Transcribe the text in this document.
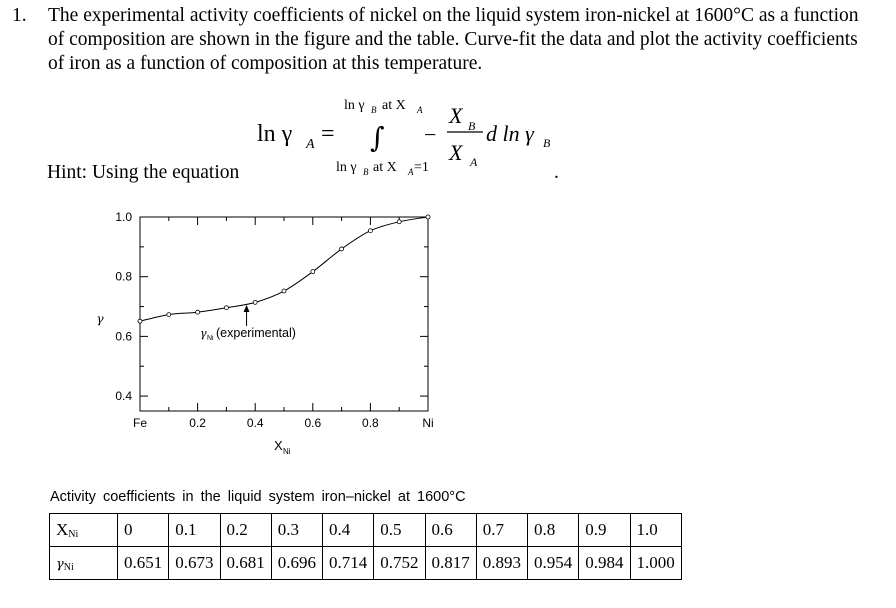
1. The experimental activity coefficients of nickel on the liquid system iron-nickel at 1600°C as a function
of composition are shown in the figure and the table. Curve-fit the data and plot the activity coefficients
of iron as a function of composition at this temperature.
ln γ A =
ln γ B at X A
∫
ln γ B at X A =1
−
X B
X A
d ln γ B
Hint: Using the equation	.
Fe	0.2	0.4	0.6	0.8	Ni
1.0
0.8
0.6
0.4
γ
X Ni
γ Ni (experimental)
Activity coefficients in the liquid system iron–nickel at 1600°C
$X_{Ni}$	0	0.1	0.2	0.3	0.4	0.5	0.6	0.7	0.8	0.9	1.0
$\gamma_{Ni}$	0.651	0.673	0.681	0.696	0.714	0.752	0.817	0.893	0.954	0.984	1.000
